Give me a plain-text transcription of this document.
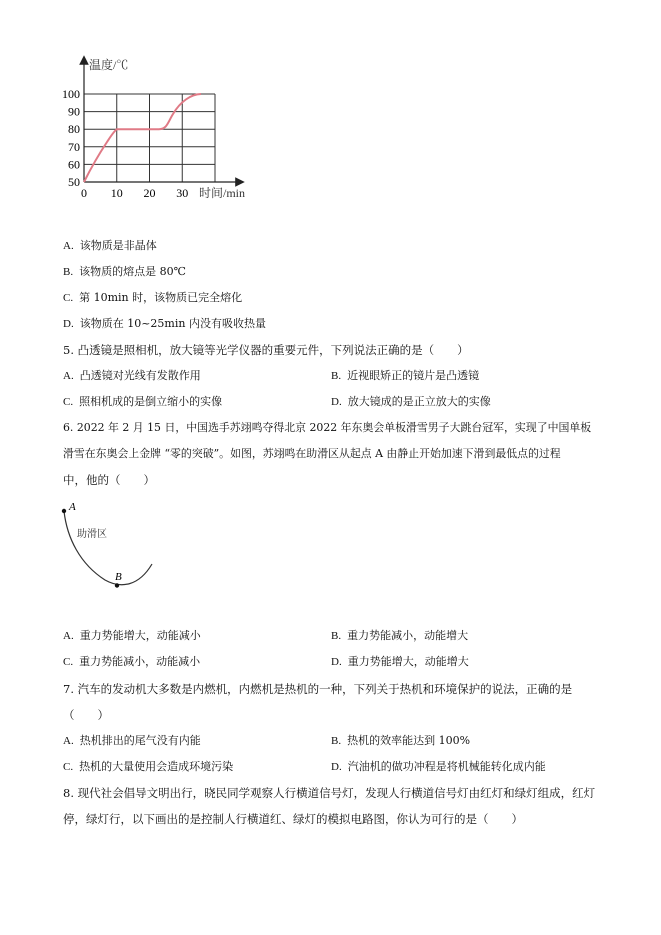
温度/℃
100
90
80
70
60
50
0 10 20 30 时间/min
A. 该物质是非晶体
B. 该物质的熔点是 80℃
C. 第 10min 时，该物质已完全熔化
D. 该物质在 10~25min 内没有吸收热量
5. 凸透镜是照相机，放大镜等光学仪器的重要元件，下列说法正确的是（　　）
A. 凸透镜对光线有发散作用	B. 近视眼矫正的镜片是凸透镜
C. 照相机成的是倒立缩小的实像	D. 放大镜成的是正立放大的实像
6. 2022 年 2 月 15 日，中国选手苏翊鸣夺得北京 2022 年东奥会单板滑雪男子大跳台冠军，实现了中国单板
滑雪在东奥会上金牌 “零的突破”。如图，苏翊鸣在助滑区从起点 A 由静止开始加速下滑到最低点的过程
中，他的（　　）
A
B
助滑区
A. 重力势能增大，动能减小	B. 重力势能减小，动能增大
C. 重力势能减小，动能减小	D. 重力势能增大，动能增大
7. 汽车的发动机大多数是内燃机，内燃机是热机的一种，下列关于热机和环境保护的说法，正确的是
（　　）
A. 热机排出的尾气没有内能	B. 热机的效率能达到 100%
C. 热机的大量使用会造成环境污染	D. 汽油机的做功冲程是将机械能转化成内能
8. 现代社会倡导文明出行，晓民同学观察人行横道信号灯，发现人行横道信号灯由红灯和绿灯组成，红灯
停，绿灯行，以下画出的是控制人行横道红、绿灯的模拟电路图，你认为可行的是（　　）
